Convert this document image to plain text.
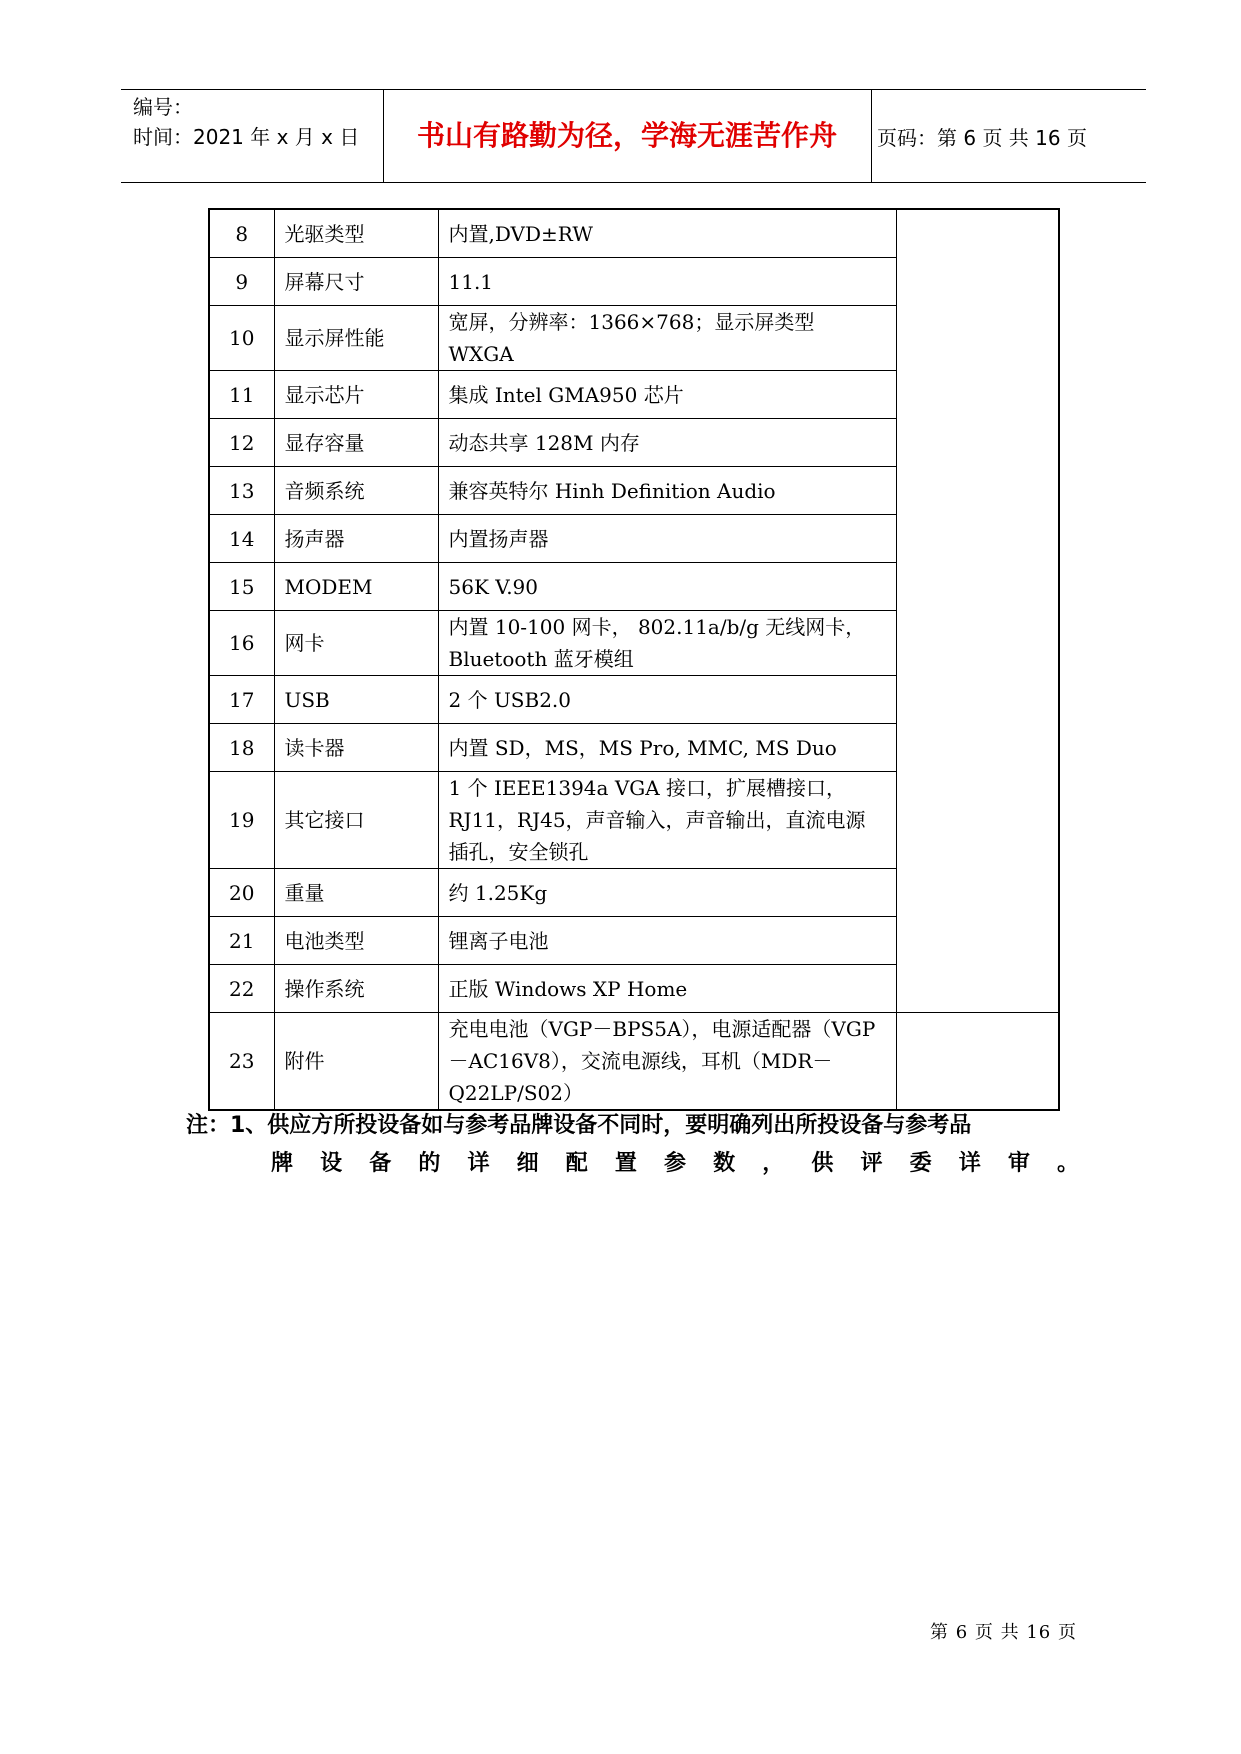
编号：
时间：2021 年 x 月 x 日	书山有路勤为径，学海无涯苦作舟	页码：第 6 页 共 16 页
8	光驱类型	内置,DVD±RW	
9	屏幕尺寸	11.1	
10	显示屏性能	宽屏，分辨率：1366×768；显示屏类型 WXGA	
11	显示芯片	集成 Intel GMA950 芯片	
12	显存容量	动态共享 128M 内存	
13	音频系统	兼容英特尔 Hinh Definition Audio	
14	扬声器	内置扬声器	
15	MODEM	56K V.90	
16	网卡	内置 10-100 网卡， 802.11a/b/g 无线网卡，Bluetooth 蓝牙模组	
17	USB	2 个 USB2.0	
18	读卡器	内置 SD，MS，MS Pro, MMC, MS Duo	
19	其它接口	1 个 IEEE1394a VGA 接口，扩展槽接口，RJ11，RJ45，声音输入，声音输出，直流电源插孔，安全锁孔	
20	重量	约 1.25Kg	
21	电池类型	锂离子电池	
22	操作系统	正版 Windows XP Home	
23	附件	充电电池（VGP－BPS5A），电源适配器（VGP－AC16V8），交流电源线，耳机（MDR－Q22LP/S02）	
注：1、供应方所投设备如与参考品牌设备不同时，要明确列出所投设备与参考品
牌设备的详细配置参数，供评委详审。
第 6 页 共 16 页
